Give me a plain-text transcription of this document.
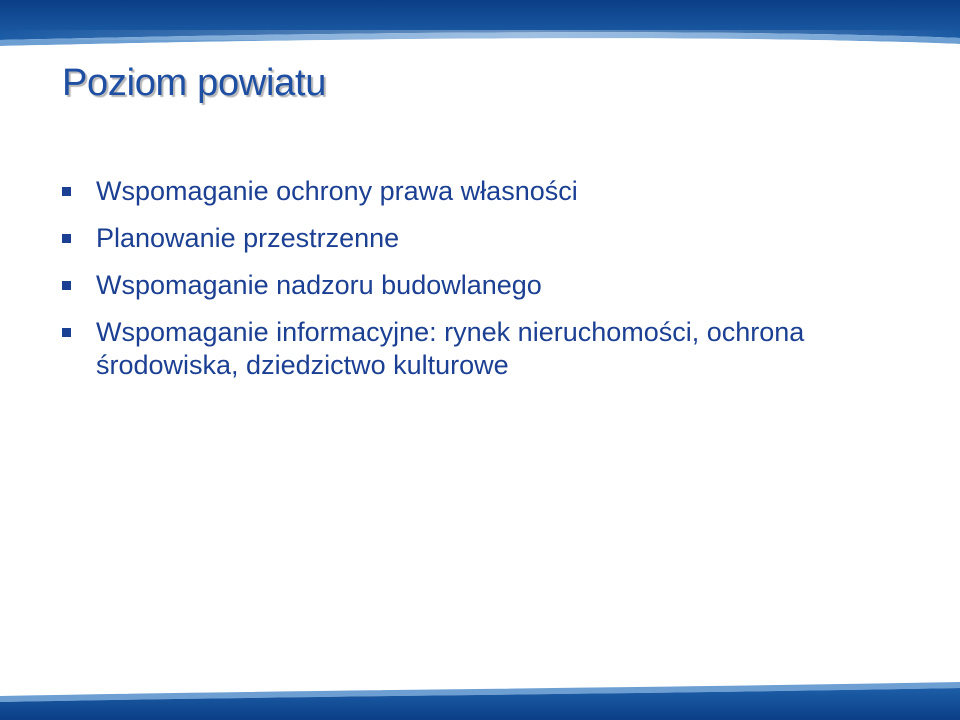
Poziom powiatu
Wspomaganie ochrony prawa własności
Planowanie przestrzenne
Wspomaganie nadzoru budowlanego
Wspomaganie informacyjne: rynek nieruchomości, ochrona środowiska, dziedzictwo kulturowe
